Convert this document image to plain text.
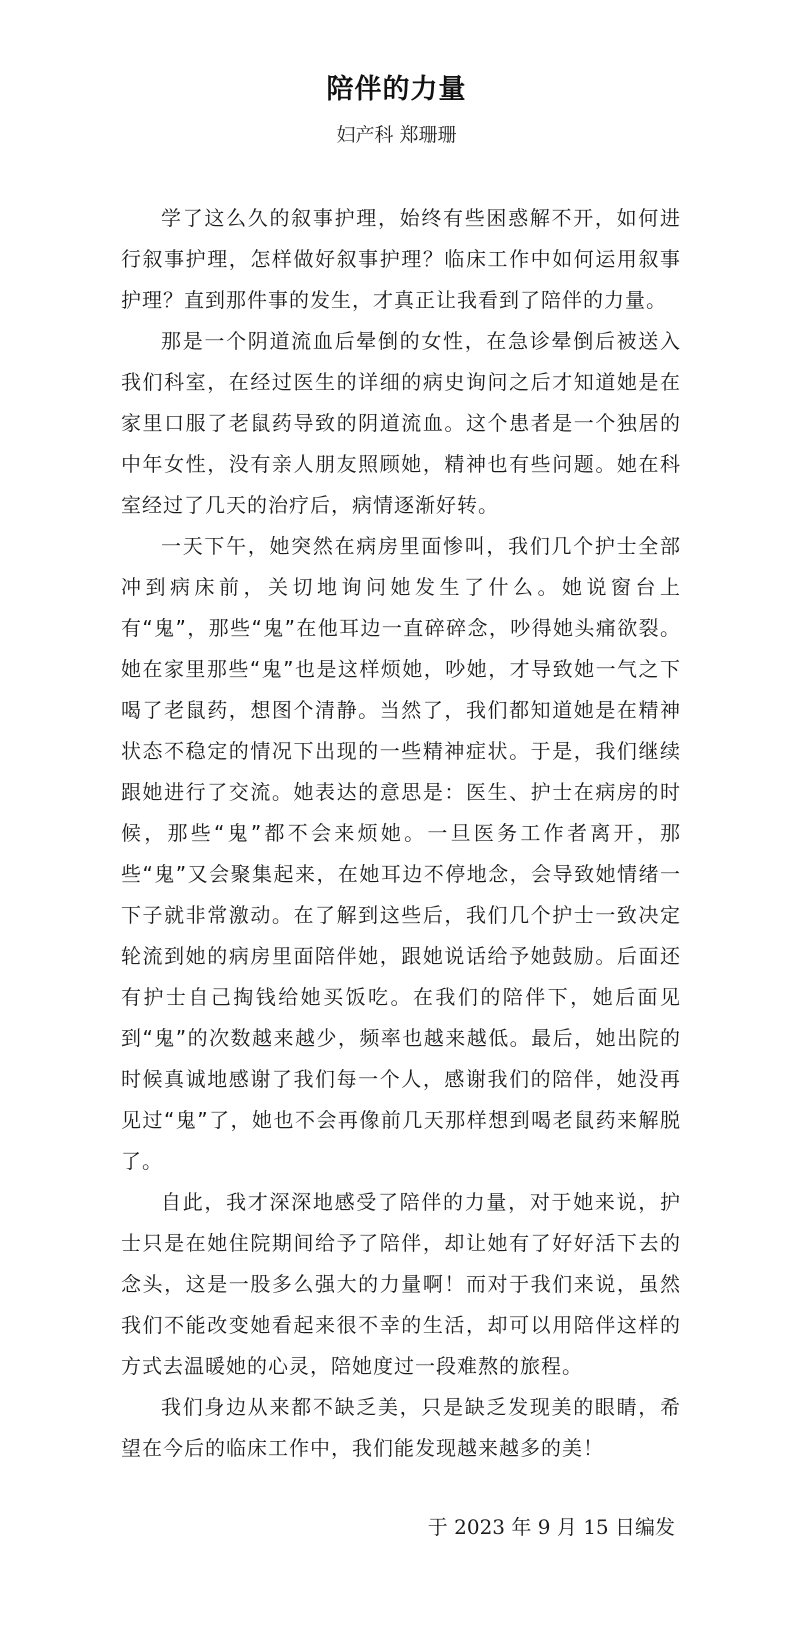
陪伴的力量
妇产科 郑珊珊

学了这么久的叙事护理，始终有些困惑解不开，如何进行叙事护理，怎样做好叙事护理？临床工作中如何运用叙事护理？直到那件事的发生，才真正让我看到了陪伴的力量。

那是一个阴道流血后晕倒的女性，在急诊晕倒后被送入我们科室，在经过医生的详细的病史询问之后才知道她是在家里口服了老鼠药导致的阴道流血。这个患者是一个独居的中年女性，没有亲人朋友照顾她，精神也有些问题。她在科室经过了几天的治疗后，病情逐渐好转。

一天下午，她突然在病房里面惨叫，我们几个护士全部冲到病床前，关切地询问她发生了什么。她说窗台上有“鬼”，那些“鬼”在他耳边一直碎碎念，吵得她头痛欲裂。她在家里那些“鬼”也是这样烦她，吵她，才导致她一气之下喝了老鼠药，想图个清静。当然了，我们都知道她是在精神状态不稳定的情况下出现的一些精神症状。于是，我们继续跟她进行了交流。她表达的意思是：医生、护士在病房的时候，那些“鬼”都不会来烦她。一旦医务工作者离开，那些“鬼”又会聚集起来，在她耳边不停地念，会导致她情绪一下子就非常激动。在了解到这些后，我们几个护士一致决定轮流到她的病房里面陪伴她，跟她说话给予她鼓励。后面还有护士自己掏钱给她买饭吃。在我们的陪伴下，她后面见到“鬼”的次数越来越少，频率也越来越低。最后，她出院的时候真诚地感谢了我们每一个人，感谢我们的陪伴，她没再见过“鬼”了，她也不会再像前几天那样想到喝老鼠药来解脱了。

自此，我才深深地感受了陪伴的力量，对于她来说，护士只是在她住院期间给予了陪伴，却让她有了好好活下去的念头，这是一股多么强大的力量啊！而对于我们来说，虽然我们不能改变她看起来很不幸的生活，却可以用陪伴这样的方式去温暖她的心灵，陪她度过一段难熬的旅程。

我们身边从来都不缺乏美，只是缺乏发现美的眼睛，希望在今后的临床工作中，我们能发现越来越多的美！

于 2023 年 9 月 15 日编发
